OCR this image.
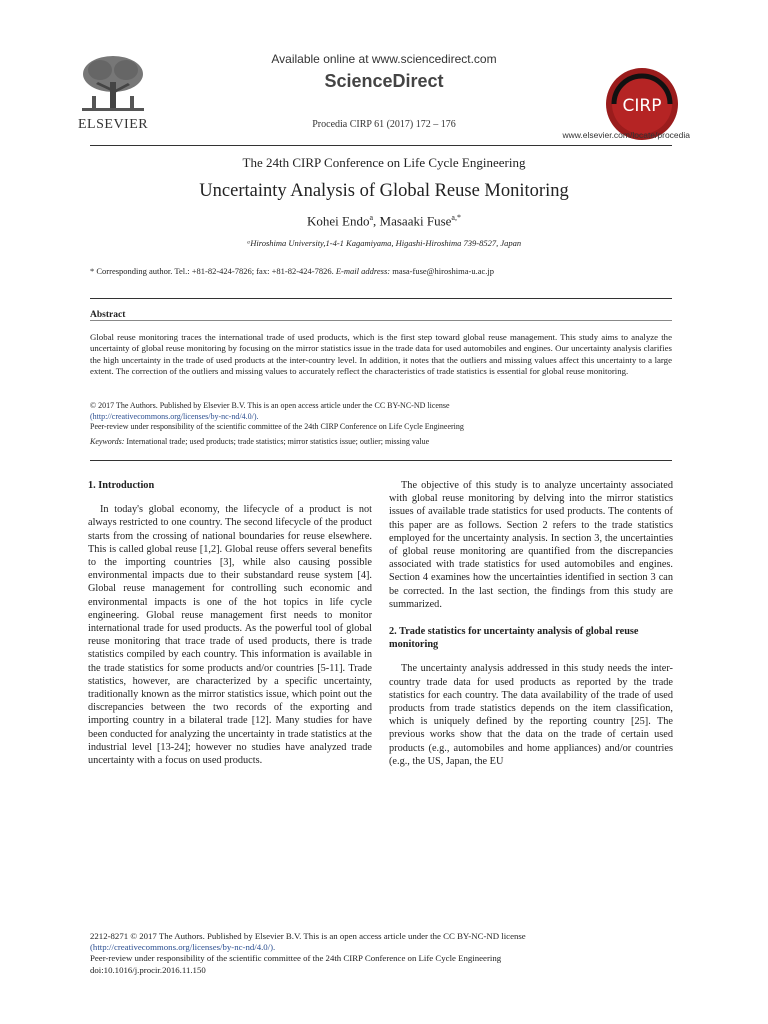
ELSEVIER
Available online at www.sciencedirect.com
ScienceDirect
Procedia CIRP 61 (2017) 172 – 176
CIRP
www.elsevier.com/locate/procedia
The 24th CIRP Conference on Life Cycle Engineering
Uncertainty Analysis of Global Reuse Monitoring
Kohei Endo$^a$, Masaaki Fuse$^{a,*}$
ᵃHiroshima University,1-4-1 Kagamiyama, Higashi-Hiroshima 739-8527, Japan
* Corresponding author. Tel.: +81-82-424-7826; fax: +81-82-424-7826. E-mail address: masa-fuse@hiroshima-u.ac.jp
Abstract
Global reuse monitoring traces the international trade of used products, which is the first step toward global reuse management. This study aims to analyze the uncertainty of global reuse monitoring by focusing on the mirror statistics issue in the trade data for used automobiles and engines. Our uncertainty analysis clarifies the high uncertainty in the trade of used products at the inter-country level. In addition, it notes that the outliers and missing values affect this uncertainty to a large extent. The correction of the outliers and missing values to accurately reflect the characteristics of trade statistics is essential for global reuse monitoring.
© 2017 The Authors. Published by Elsevier B.V. This is an open access article under the CC BY-NC-ND license
(http://creativecommons.org/licenses/by-nc-nd/4.0/).
Peer-review under responsibility of the scientific committee of the 24th CIRP Conference on Life Cycle Engineering
Keywords: International trade; used products; trade statistics; mirror statistics issue; outlier; missing value
1. Introduction

In today's global economy, the lifecycle of a product is not always restricted to one country. The second lifecycle of the product starts from the crossing of national boundaries for reuse elsewhere. This is called global reuse [1,2]. Global reuse offers several benefits to the importing countries [3], while also causing possible environmental impacts due to their substandard reuse system [4]. Global reuse management for controlling such economic and environmental impacts is one of the hot topics in life cycle engineering. Global reuse management first needs to monitor international trade for used products. As the powerful tool of global reuse monitoring that trace trade of used products, there is trade statistics compiled by each country. This information is available in the trade statistics for some products and/or countries [5-11]. Trade statistics, however, are characterized by a specific uncertainty, traditionally known as the mirror statistics issue, which point out the discrepancies between the two records of the exporting and importing country in a bilateral trade [12]. Many studies for have been conducted for analyzing the uncertainty in trade statistics at the industrial level [13-24]; however no studies have analyzed trade uncertainty with a focus on used products.

The objective of this study is to analyze uncertainty associated with global reuse monitoring by delving into the mirror statistics issues of available trade statistics for used products. The contents of this paper are as follows. Section 2 refers to the trade statistics employed for the uncertainty analysis. In section 3, the uncertainties of global reuse monitoring are quantified from the discrepancies associated with trade statistics for used automobiles and engines. Section 4 examines how the uncertainties identified in section 3 can be corrected. In the last section, the findings from this study are summarized.

2. Trade statistics for uncertainty analysis of global reuse monitoring

The uncertainty analysis addressed in this study needs the inter-country trade data for used products as reported by the trade statistics for each country. The data availability of the trade of used products from trade statistics depends on the item classification, which is uniquely defined by the reporting country [25]. The previous works show that the data on the trade of certain used products (e.g., automobiles and home appliances) and/or countries (e.g., the US, Japan, the EU

2212-8271 © 2017 The Authors. Published by Elsevier B.V. This is an open access article under the CC BY-NC-ND license
(http://creativecommons.org/licenses/by-nc-nd/4.0/).
Peer-review under responsibility of the scientific committee of the 24th CIRP Conference on Life Cycle Engineering
doi:10.1016/j.procir.2016.11.150
